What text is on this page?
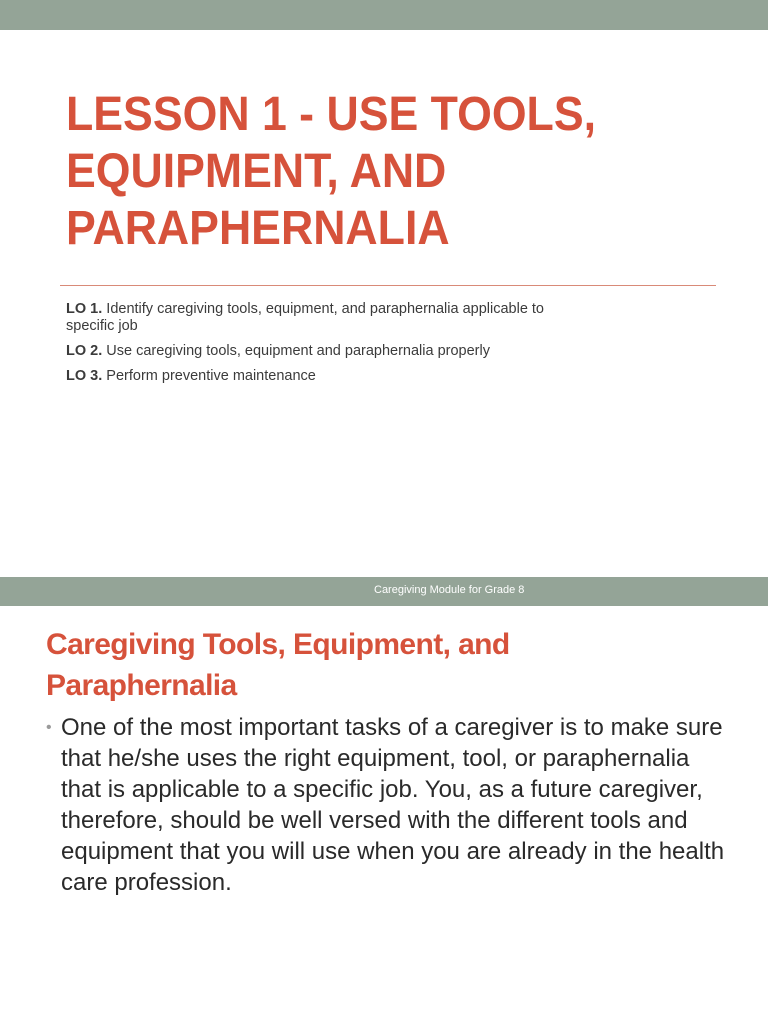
LESSON 1 - USE TOOLS, EQUIPMENT, AND PARAPHERNALIA
LO 1. Identify caregiving tools, equipment, and paraphernalia applicable to specific job
LO 2. Use caregiving tools, equipment and paraphernalia properly
LO 3. Perform preventive maintenance
Caregiving Module for Grade 8
Caregiving Tools, Equipment, and Paraphernalia
• One of the most important tasks of a caregiver is to make sure that he/she uses the right equipment, tool, or paraphernalia that is applicable to a specific job. You, as a future caregiver, therefore, should be well versed with the different tools and equipment that you will use when you are already in the health care profession.
